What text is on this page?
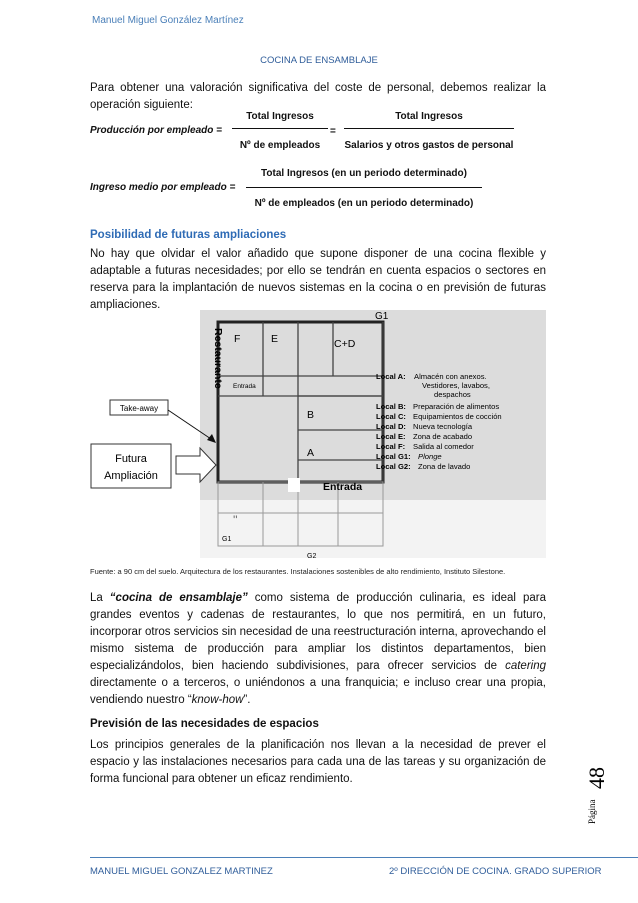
Manuel Miguel González Martínez
COCINA DE ENSAMBLAJE
Para obtener una valoración significativa del coste de personal, debemos realizar la operación siguiente:
Producción por empleado =
Total Ingresos
Nº de empleados
=
Total Ingresos
Salarios y otros gastos de personal
Ingreso medio por empleado =
Total Ingresos (en un periodo determinado)
Nº de empleados (en un periodo determinado)
Posibilidad de futuras ampliaciones
No hay que olvidar el valor añadido que supone disponer de una cocina flexible y adaptable a futuras necesidades; por ello se tendrán en cuenta espacios o sectores en reserva para la implantación de nuevos sistemas en la cocina o en previsión de futuras ampliaciones.
Restaurante
G1
F	E	C+D
Entrada
B
A
Entrada
G1
G2
''
Take-away
Futura
Ampliación
Local A: Almacén con anexos.
Vestidores, lavabos,
despachos
Local B: Preparación de alimentos
Local C: Equipamientos de cocción
Local D: Nueva tecnología
Local E: Zona de acabado
Local F: Salida al comedor
Local G1: Plonge
Local G2: Zona de lavado
Fuente: a 90 cm del suelo. Arquitectura de los restaurantes. Instalaciones sostenibles de alto rendimiento, Instituto Silestone.
La “cocina de ensamblaje” como sistema de producción culinaria, es ideal para grandes eventos y cadenas de restaurantes, lo que nos permitirá, en un futuro, incorporar otros servicios sin necesidad de una reestructuración interna, aprovechando el mismo sistema de producción para ampliar los distintos departamentos, bien especializándolos, bien haciendo subdivisiones, para ofrecer servicios de catering directamente o a terceros, o uniéndonos a una franquicia; e incluso crear una propia, vendiendo nuestro “know-how”.
Previsión de las necesidades de espacios
Los principios generales de la planificación nos llevan a la necesidad de prever el espacio y las instalaciones necesarios para cada una de las tareas y su organización de forma funcional para obtener un eficaz rendimiento.
Página
48
MANUEL MIGUEL GONZALEZ MARTINEZ	2º DIRECCIÓN DE COCINA. GRADO SUPERIOR
